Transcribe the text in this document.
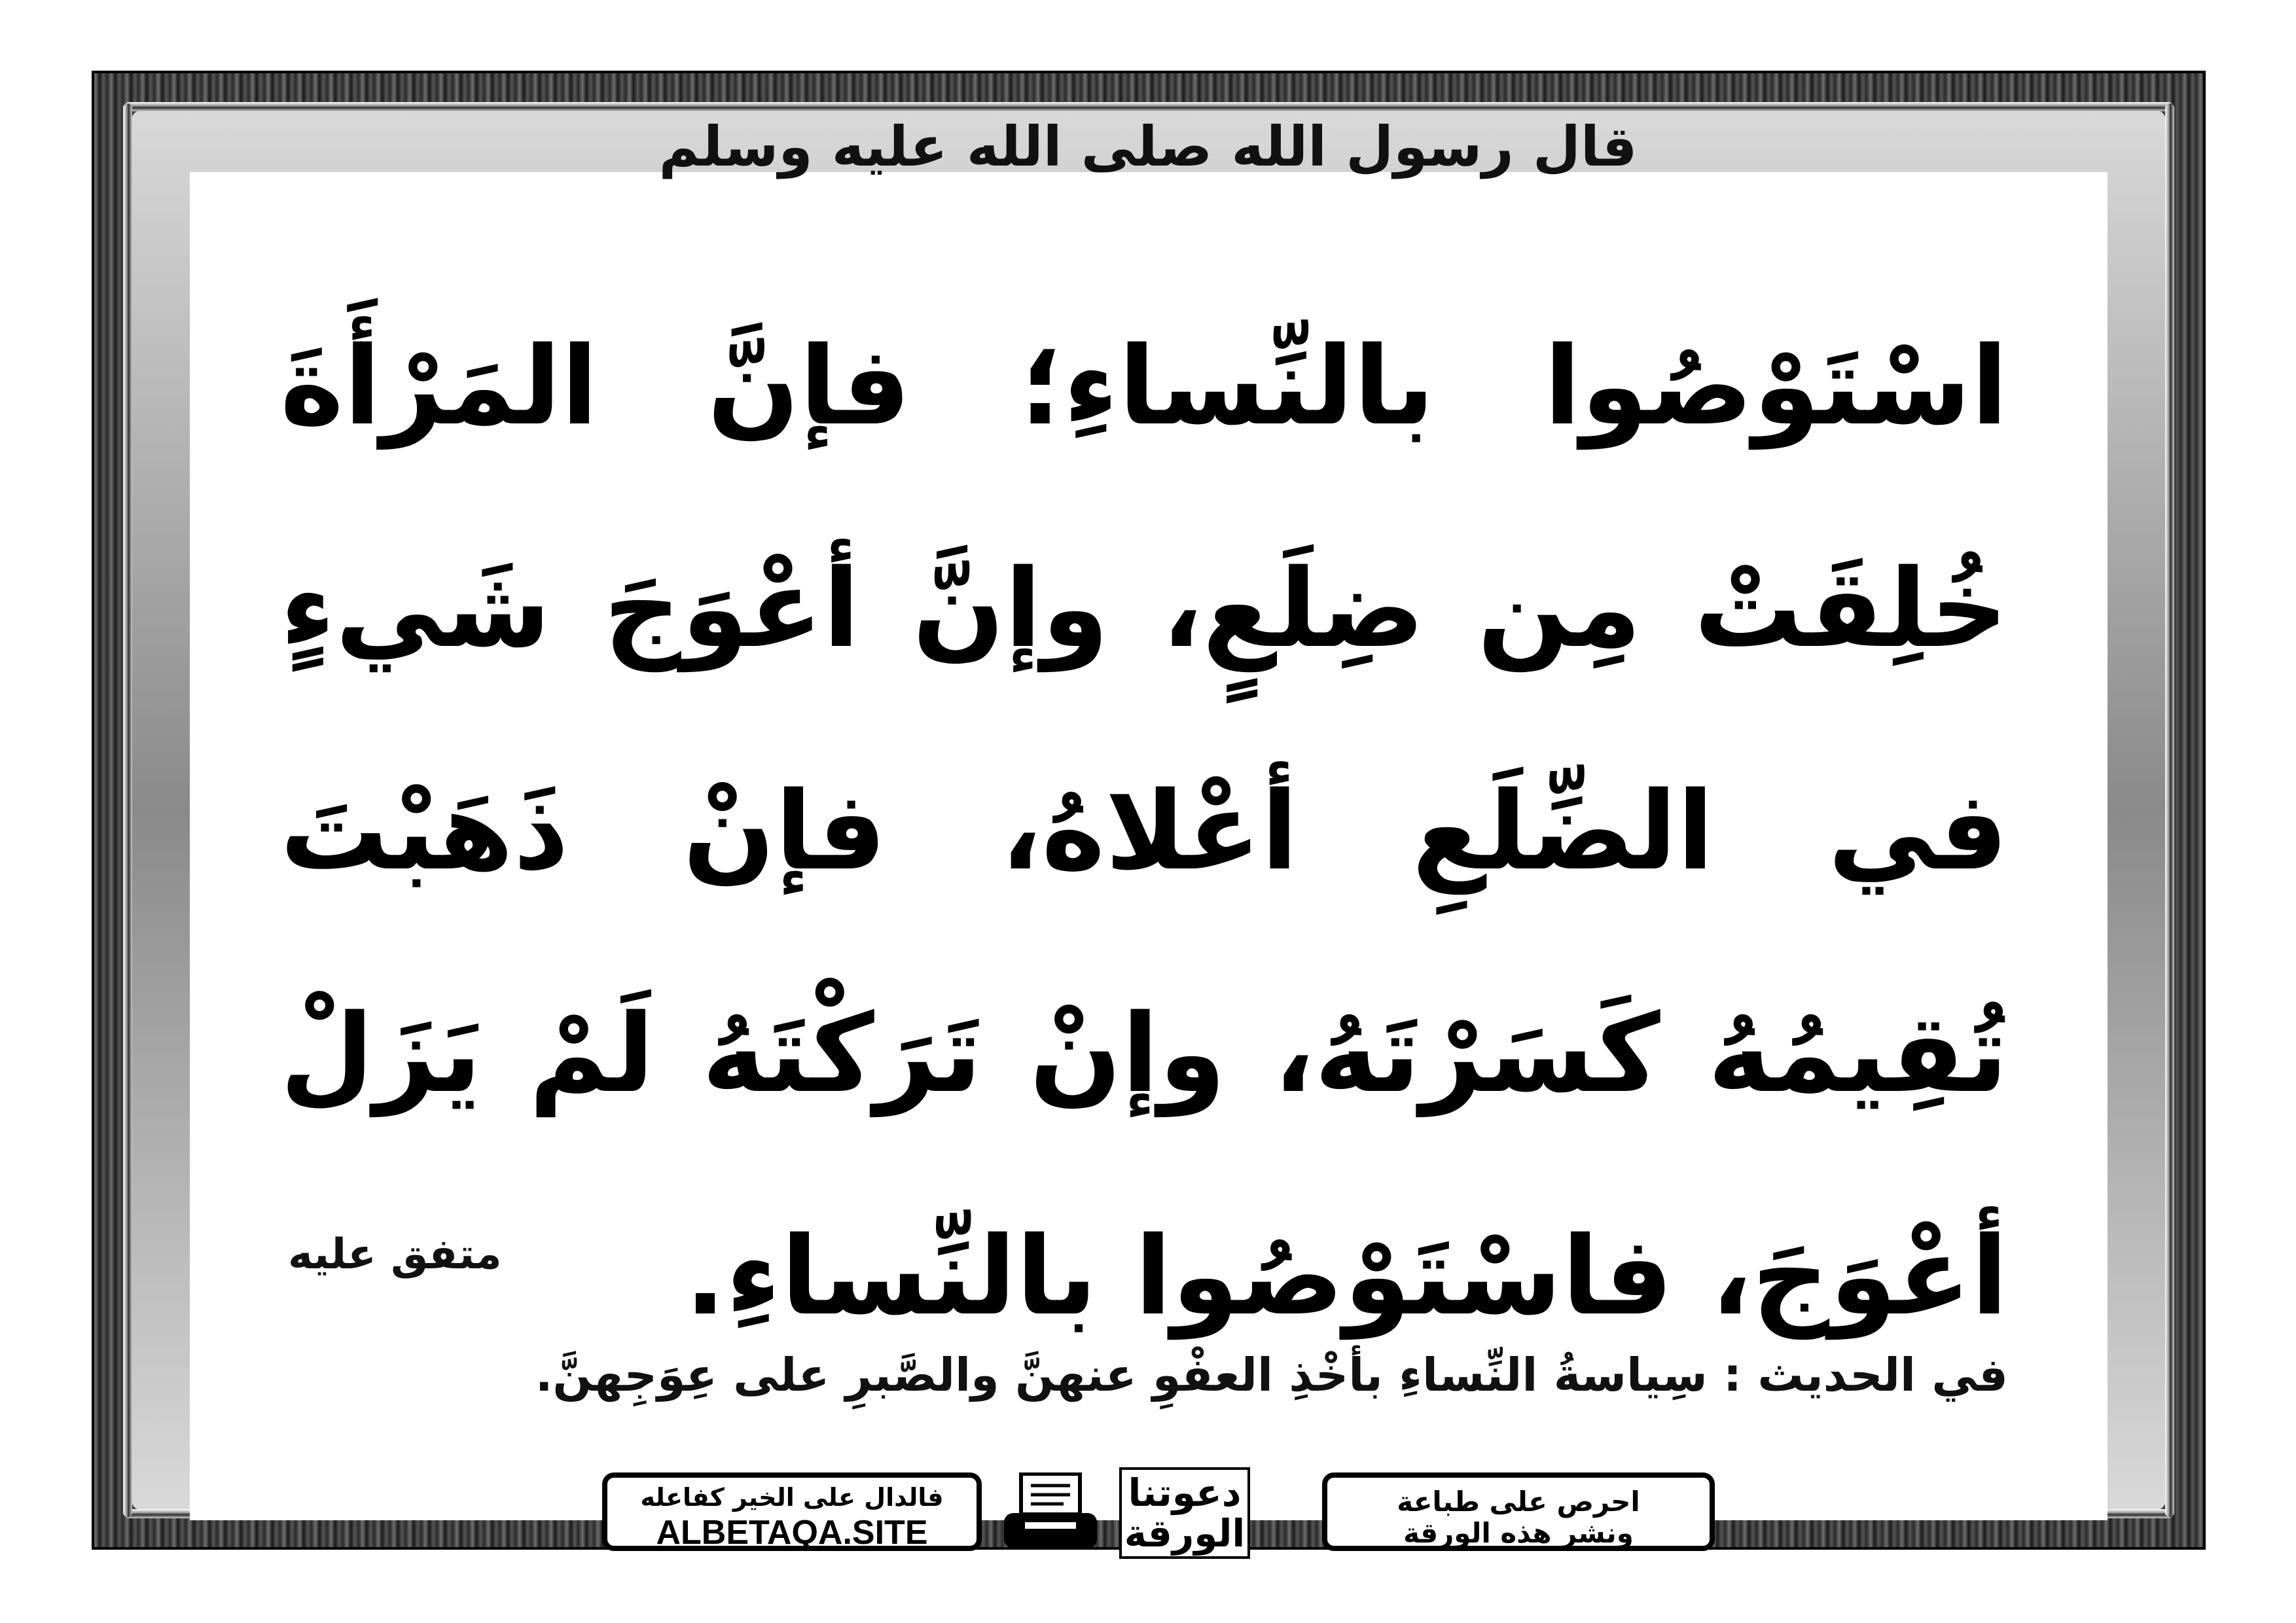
قال رسول الله صلى الله عليه وسلم
اسْتَوْصُوا بالنِّساءِ؛ فإنَّ المَرْأَةَ خُلِقَتْ مِن ضِلَعٍ، وإنَّ أعْوَجَ شَيءٍ في الضِّلَعِ أعْلاهُ، فإنْ ذَهَبْتَ تُقِيمُهُ كَسَرْتَهُ، وإنْ تَرَكْتَهُ لَمْ يَزَلْ أعْوَجَ، فاسْتَوْصُوا بالنِّساءِ.
متفق عليه
في الحديث : سِياسةُ النِّساءِ بأخْذِ العفْوِ عنهنَّ والصَّبرِ على عِوَجِهنَّ.
فالدال على الخير كفاعله
ALBETAQA.SITE
دعوتنا
الورقة
احرص على طباعة
ونشر هذه الورقة
